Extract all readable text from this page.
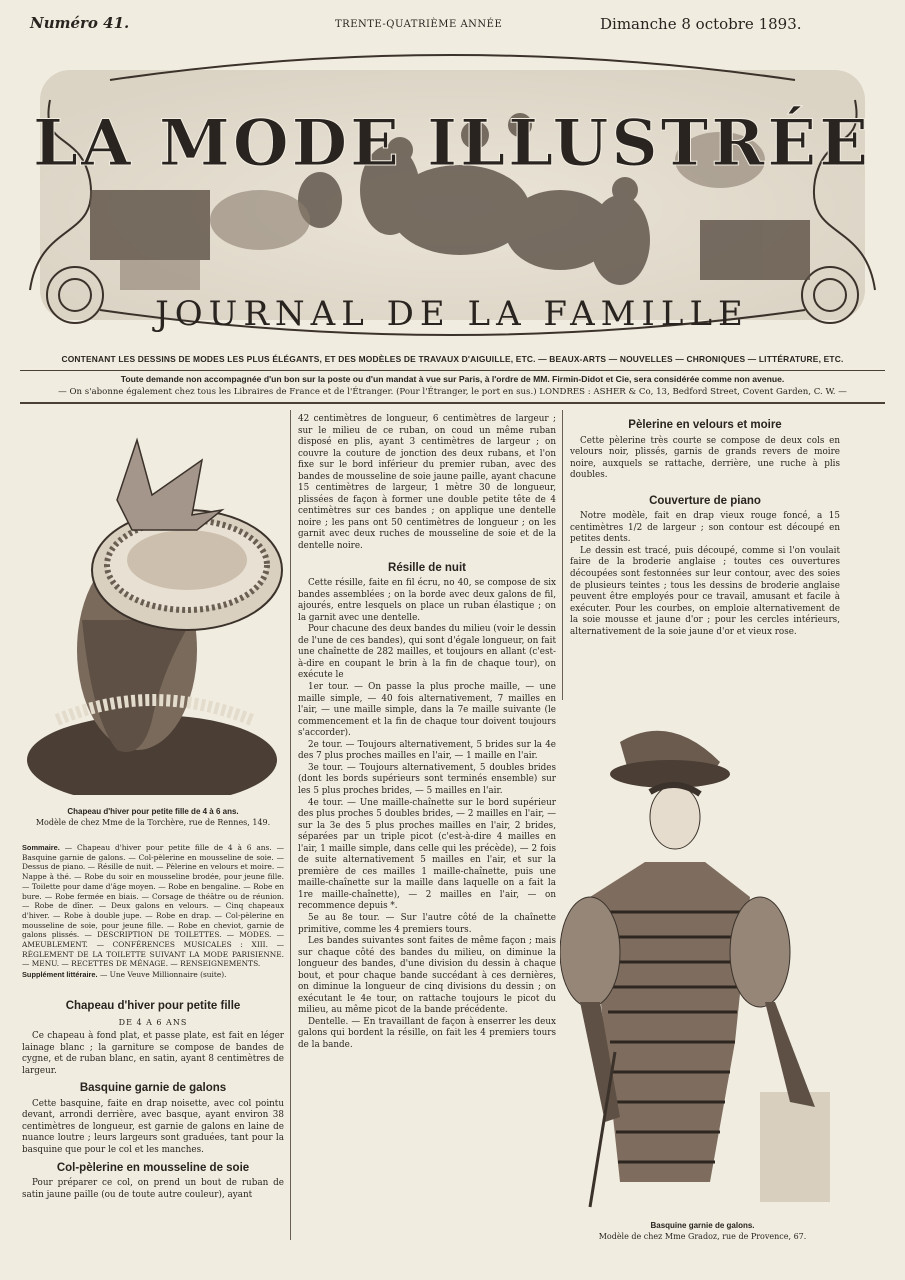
Numéro 41.	TRENTE-QUATRIÈME ANNÉE	Dimanche 8 octobre 1893.
LA MODE ILLUSTRÉE
JOURNAL DE LA FAMILLE
CONTENANT LES DESSINS DE MODES LES PLUS ÉLÉGANTS, ET DES MODÈLES DE TRAVAUX D'AIGUILLE, ETC. — BEAUX-ARTS — NOUVELLES — CHRONIQUES — LITTÉRATURE, ETC.
Toute demande non accompagnée d'un bon sur la poste ou d'un mandat à vue sur Paris, à l'ordre de MM. Firmin-Didot et Cie, sera considérée comme non avenue.
— On s'abonne également chez tous les Libraires de France et de l'Étranger. (Pour l'Étranger, le port en sus.) LONDRES : ASHER & Co, 13, Bedford Street, Covent Garden, C. W. —
Chapeau d'hiver pour petite fille de 4 à 6 ans.
Modèle de chez Mme de la Torchère, rue de Rennes, 149.
Sommaire. — Chapeau d'hiver pour petite fille de 4 à 6 ans. — Basquine garnie de galons. — Col-pèlerine en mousseline de soie. — Dessus de piano. — Résille de nuit. — Pèlerine en velours et moire. — Nappe à thé. — Robe du soir en mousseline brodée, pour jeune fille. — Toilette pour dame d'âge moyen. — Robe en bengaline. — Robe en bure. — Robe fermée en biais. — Corsage de théâtre ou de réunion. — Robe de dîner. — Deux galons en velours. — Cinq chapeaux d'hiver. — Robe à double jupe. — Robe en drap. — Col-pèlerine en mousseline de soie, pour jeune fille. — Robe en cheviot, garnie de galons plissés. — DESCRIPTION DE TOILETTES. — MODES. — AMEUBLEMENT. — CONFÉRENCES MUSICALES : XIII. — RÈGLEMENT DE LA TOILETTE SUIVANT LA MODE PARISIENNE. — MENU. — RECETTES DE MÉNAGE. — RENSEIGNEMENTS.
Supplément littéraire. — Une Veuve Millionnaire (suite).
Chapeau d'hiver pour petite fille
DE 4 A 6 ANS

Ce chapeau à fond plat, et passe plate, est fait en léger lainage blanc ; la garniture se compose de bandes de cygne, et de ruban blanc, en satin, ayant 8 centimètres de largeur.

Basquine garnie de galons

Cette basquine, faite en drap noisette, avec col pointu devant, arrondi derrière, avec basque, ayant environ 38 centimètres de longueur, est garnie de galons en laine de nuance loutre ; leurs largeurs sont graduées, tant pour la basquine que pour le col et les manches.

Col-pèlerine en mousseline de soie

Pour préparer ce col, on prend un bout de ruban de satin jaune paille (ou de toute autre couleur), ayant

42 centimètres de longueur, 6 centimètres de largeur ; sur le milieu de ce ruban, on coud un même ruban disposé en plis, ayant 3 centimètres de largeur ; on couvre la couture de jonction des deux rubans, et l'on fixe sur le bord inférieur du premier ruban, avec des bandes de mousseline de soie jaune paille, ayant chacune 15 centimètres de largeur, 1 mètre 30 de longueur, plissées de façon à former une double petite tête de 4 centimètres sur ces bandes ; on applique une dentelle noire ; les pans ont 50 centimètres de longueur ; on les garnit avec deux ruches de mousseline de soie et de la dentelle noire.

Résille de nuit

Cette résille, faite en fil écru, no 40, se compose de six bandes assemblées ; on la borde avec deux galons de fil, ajourés, entre lesquels on place un ruban élastique ; on la garnit avec une dentelle.

Pour chacune des deux bandes du milieu (voir le dessin de l'une de ces bandes), qui sont d'égale longueur, on fait une chaînette de 282 mailles, et toujours en allant (c'est-à-dire en coupant le brin à la fin de chaque tour), on exécute le

1er tour. — On passe la plus proche maille, — une maille simple, — 40 fois alternativement, 7 mailles en l'air, — une maille simple, dans la 7e maille suivante (le commencement et la fin de chaque tour doivent toujours s'accorder).

2e tour. — Toujours alternativement, 5 brides sur la 4e des 7 plus proches mailles en l'air, — 1 maille en l'air.

3e tour. — Toujours alternativement, 5 doubles brides (dont les bords supérieurs sont terminés ensemble) sur les 5 plus proches brides, — 5 mailles en l'air.

4e tour. — Une maille-chaînette sur le bord supérieur des plus proches 5 doubles brides, — 2 mailles en l'air, — sur la 3e des 5 plus proches mailles en l'air, 2 brides, séparées par un triple picot (c'est-à-dire 4 mailles en l'air, 1 maille simple, dans celle qui les précède), — 2 fois de suite alternativement 5 mailles en l'air, et sur la première de ces mailles 1 maille-chaînette, puis une maille-chaînette sur la maille dans laquelle on a fait la 1re maille-chaînette), — 2 mailles en l'air, — on recommence depuis *.

5e au 8e tour. — Sur l'autre côté de la chaînette primitive, comme les 4 premiers tours.

Les bandes suivantes sont faites de même façon ; mais sur chaque côté des bandes du milieu, on diminue la longueur des bandes, d'une division du dessin à chaque bout, et pour chaque bande succédant à ces dernières, on diminue la longueur de cinq divisions du dessin ; on exécutant le 4e tour, on rattache toujours le picot du milieu, au même picot de la bande précédente.

Dentelle. — En travaillant de façon à enserrer les deux galons qui bordent la résille, on fait les 4 premiers tours de la bande.

Pèlerine en velours et moire

Cette pèlerine très courte se compose de deux cols en velours noir, plissés, garnis de grands revers de moire noire, auxquels se rattache, derrière, une ruche à plis doubles.

Couverture de piano

Notre modèle, fait en drap vieux rouge foncé, a 15 centimètres 1/2 de largeur ; son contour est découpé en petites dents.

Le dessin est tracé, puis découpé, comme si l'on voulait faire de la broderie anglaise ; toutes ces ouvertures découpées sont festonnées sur leur contour, avec des soies de plusieurs teintes ; tous les dessins de broderie anglaise peuvent être employés pour ce travail, amusant et facile à exécuter. Pour les courbes, on emploie alternativement de la soie mousse et jaune d'or ; pour les cercles intérieurs, alternativement de la soie jaune d'or et vieux rose.

Basquine garnie de galons.
Modèle de chez Mme Gradoz, rue de Provence, 67.
